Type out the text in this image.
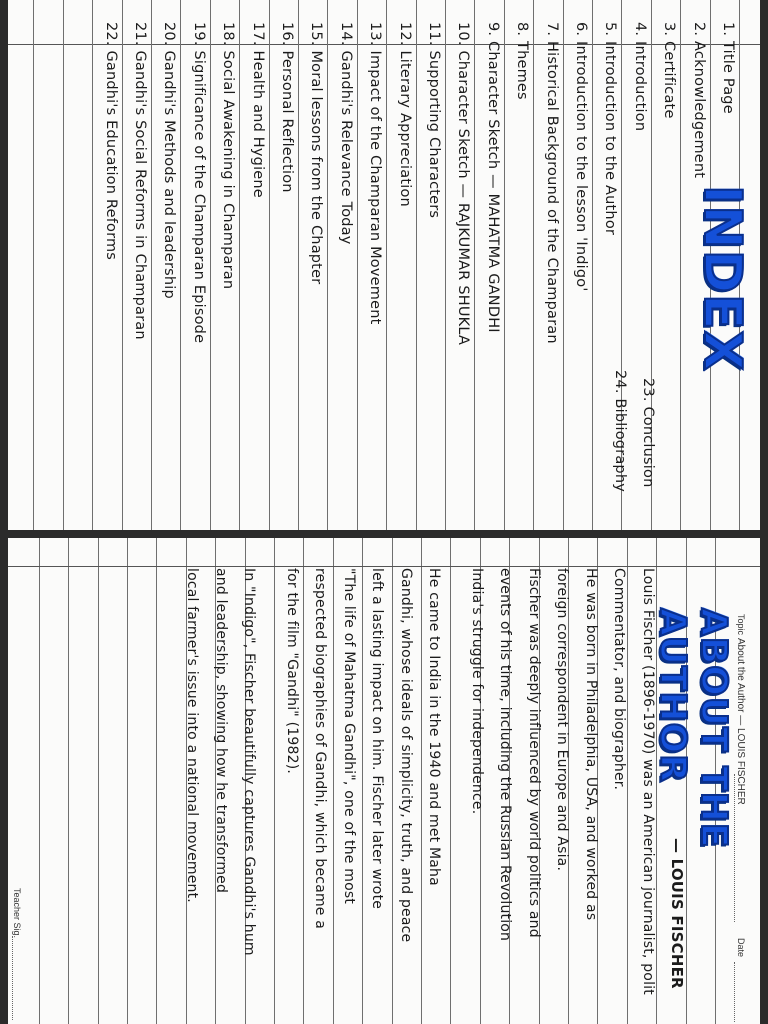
INDEX
1. Title Page
2. Acknowledgement
3. Certificate
4. Introduction
5. Introduction to the Author
6. Introduction to the lesson 'Indigo'
7. Historical Background of the Champaran
8. Themes
9. Character Sketch — MAHATMA GANDHI
10. Character Sketch — RAJKUMAR SHUKLA
11. Supporting Characters
12. Literary Appreciation
13. Impact of the Champaran Movement
14. Gandhi's Relevance Today
15. Moral lessons from the Chapter
16. Personal Reflection
17. Health and Hygiene
18. Social Awakening in Champaran
19. Significance of the Champaran Episode
20. Gandhi's Methods and leadership
21. Gandhi's Social Reforms in Champaran
22. Gandhi's Education Reforms
23. Conclusion
24. Bibliography
Topic
About the Author — LOUIS FISCHER
Date
ABOUT THE AUTHOR
— LOUIS FISCHER
Louis Fischer (1896-1970) was an American journalist, polit
Commentator, and biographer.
He was born in Philadelphia, USA, and worked as
foreign correspondent in Europe and Asia.
Fischer was deeply influenced by world politics and
events of his time, including the Russian Revolution
India's struggle for independence.
He came to India in the 1940 and met Maha
Gandhi, whose ideals of simplicity, truth, and peace
left a lasting impact on him. Fischer later wrote
"The life of Mahatma Gandhi", one of the most
respected biographies of Gandhi, which became a
for the film "Gandhi" (1982).
In "Indigo", Fischer beautifully captures Gandhi's hum
and leadership, showing how he transformed
local farmer's issue into a national movement.
Teacher Sig.
